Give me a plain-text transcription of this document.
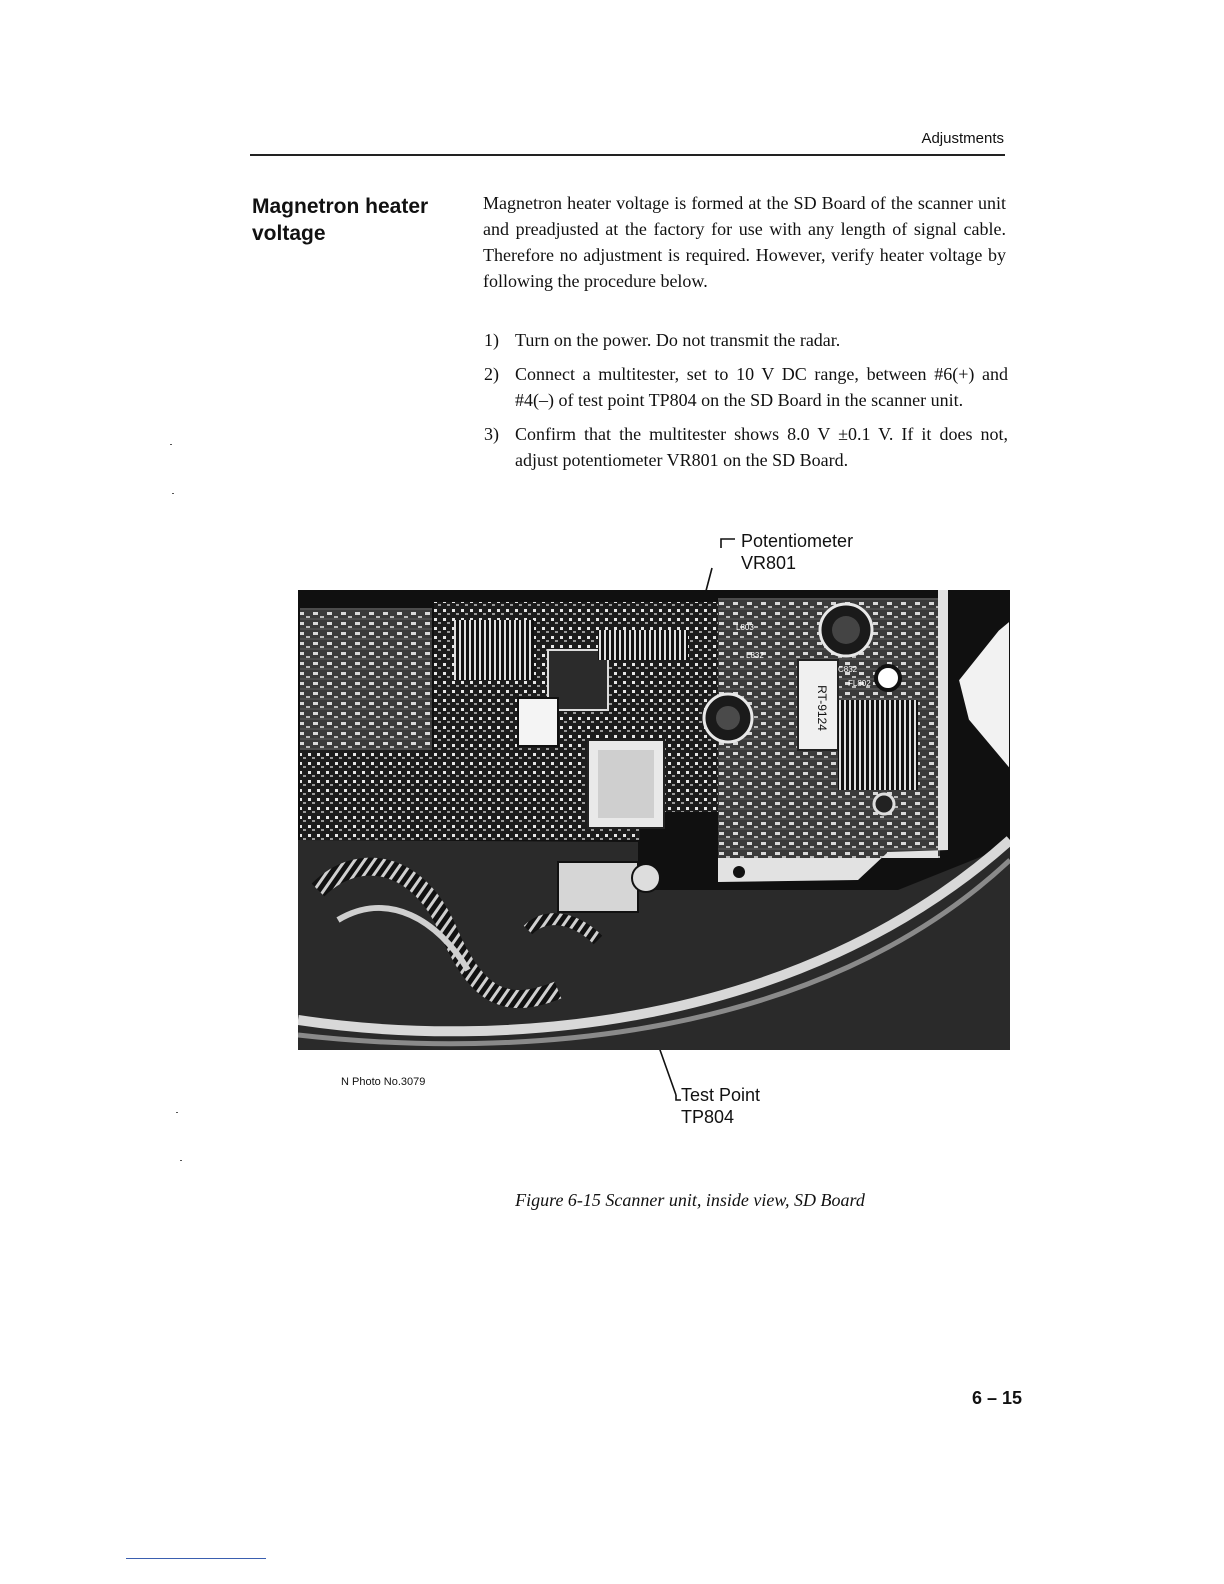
Adjustments
Magnetron heater
voltage

Magnetron heater voltage is formed at the SD Board of the scanner unit and preadjusted at the factory for use with any length of signal cable. Therefore no adjustment is required. However, verify heater voltage by following the procedure below.

1) Turn on the power. Do not transmit the radar.
2) Connect a multitester, set to 10 V DC range, between #6(+) and #4(–) of test point TP804 on the SD Board in the scanner unit.
3) Confirm that the multitester shows 8.0 V ±0.1 V. If it does not, adjust potentiometer VR801 on the SD Board.
Potentiometer
VR801
Test Point
TP804
RT-9124
L803
L832
C832
FL802
N Photo No.3079
Figure 6-15 Scanner unit, inside view, SD Board
6 – 15
